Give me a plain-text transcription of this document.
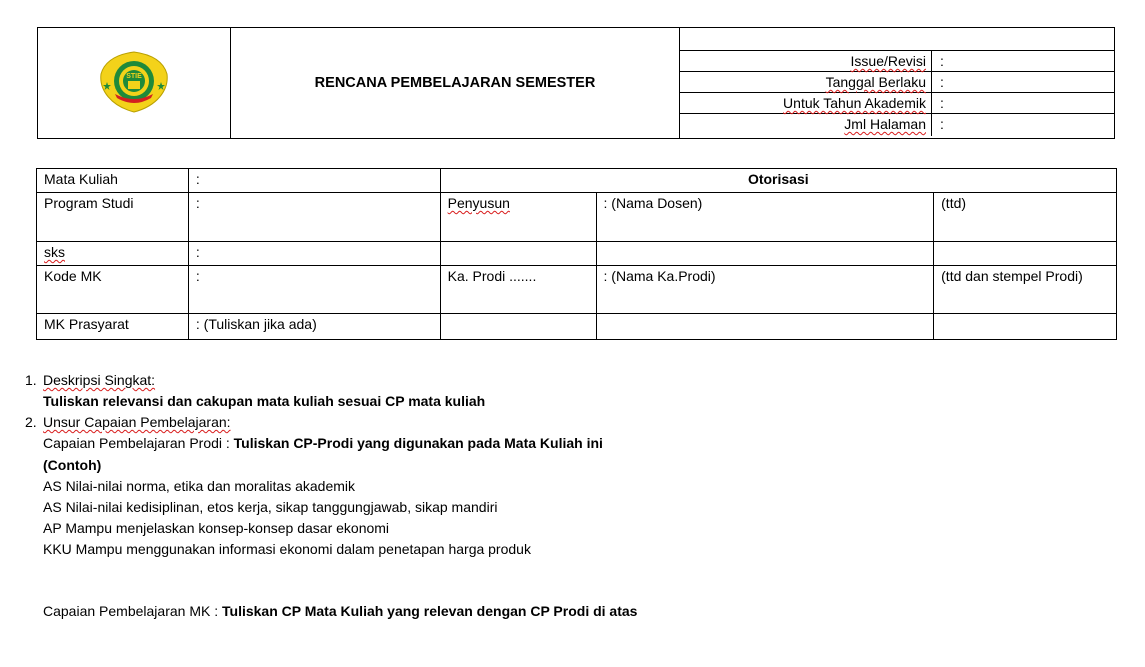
STIE	RENCANA PEMBELAJARAN SEMESTER	
Issue/Revisi	:
Tanggal Berlaku	:
Untuk Tahun Akademik	:
Jml Halaman	:
Mata Kuliah	:	Otorisasi		
Program Studi	:	Penyusun	: (Nama Dosen)	(ttd)
sks	:			
Kode MK	:	Ka. Prodi .......	: (Nama Ka.Prodi)	(ttd dan stempel Prodi)
MK Prasyarat	: (Tuliskan jika ada)			
1. Deskripsi Singkat:
Tuliskan relevansi dan cakupan mata kuliah sesuai CP mata kuliah
2. Unsur Capaian Pembelajaran:
Capaian Pembelajaran Prodi : Tuliskan CP-Prodi yang digunakan pada Mata Kuliah ini
(Contoh)
AS Nilai-nilai norma, etika dan moralitas akademik
AS Nilai-nilai kedisiplinan, etos kerja, sikap tanggungjawab, sikap mandiri
AP Mampu menjelaskan konsep-konsep dasar ekonomi
KKU Mampu menggunakan informasi ekonomi dalam penetapan harga produk
Capaian Pembelajaran MK : Tuliskan CP Mata Kuliah yang relevan dengan CP Prodi di atas
